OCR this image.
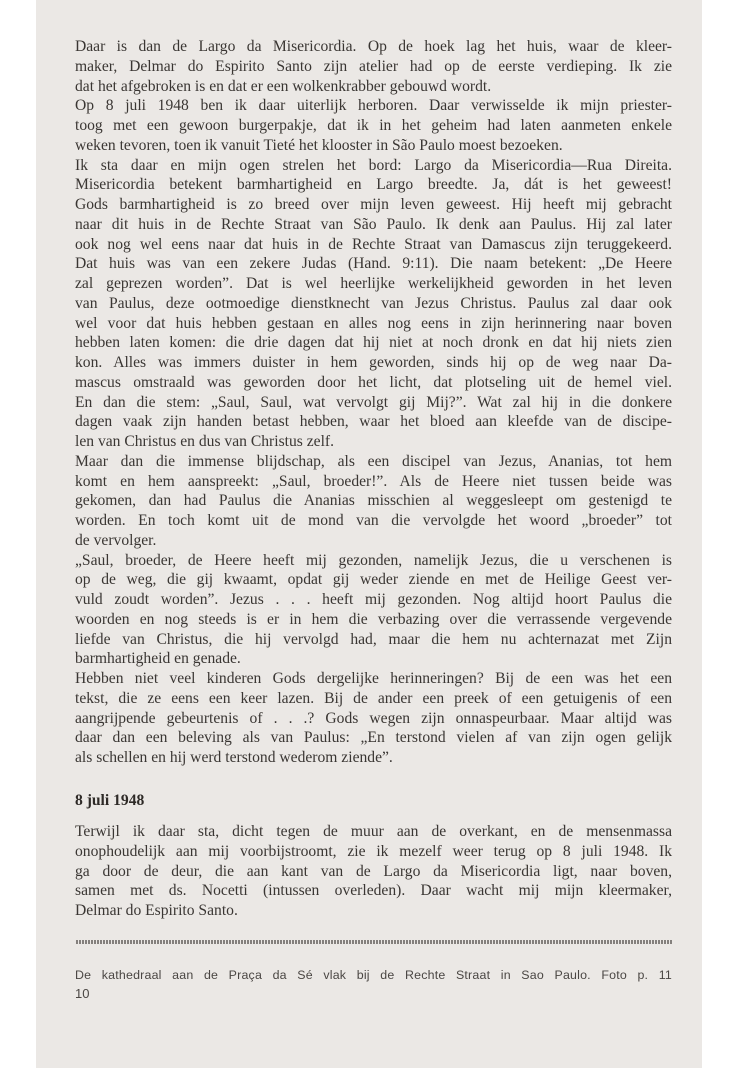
Daar is dan de Largo da Misericordia. Op de hoek lag het huis, waar de kleer-
maker, Delmar do Espirito Santo zijn atelier had op de eerste verdieping. Ik zie
dat het afgebroken is en dat er een wolkenkrabber gebouwd wordt.
Op 8 juli 1948 ben ik daar uiterlijk herboren. Daar verwisselde ik mijn priester-
toog met een gewoon burgerpakje, dat ik in het geheim had laten aanmeten enkele
weken tevoren, toen ik vanuit Tieté het klooster in São Paulo moest bezoeken.
Ik sta daar en mijn ogen strelen het bord: Largo da Misericordia—Rua Direita.
Misericordia betekent barmhartigheid en Largo breedte. Ja, dát is het geweest!
Gods barmhartigheid is zo breed over mijn leven geweest. Hij heeft mij gebracht
naar dit huis in de Rechte Straat van São Paulo. Ik denk aan Paulus. Hij zal later
ook nog wel eens naar dat huis in de Rechte Straat van Damascus zijn teruggekeerd.
Dat huis was van een zekere Judas (Hand. 9:11). Die naam betekent: „De Heere
zal geprezen worden”. Dat is wel heerlijke werkelijkheid geworden in het leven
van Paulus, deze ootmoedige dienstknecht van Jezus Christus. Paulus zal daar ook
wel voor dat huis hebben gestaan en alles nog eens in zijn herinnering naar boven
hebben laten komen: die drie dagen dat hij niet at noch dronk en dat hij niets zien
kon. Alles was immers duister in hem geworden, sinds hij op de weg naar Da-
mascus omstraald was geworden door het licht, dat plotseling uit de hemel viel.
En dan die stem: „Saul, Saul, wat vervolgt gij Mij?”. Wat zal hij in die donkere
dagen vaak zijn handen betast hebben, waar het bloed aan kleefde van de discipe-
len van Christus en dus van Christus zelf.
Maar dan die immense blijdschap, als een discipel van Jezus, Ananias, tot hem
komt en hem aanspreekt: „Saul, broeder!”. Als de Heere niet tussen beide was
gekomen, dan had Paulus die Ananias misschien al weggesleept om gestenigd te
worden. En toch komt uit de mond van die vervolgde het woord „broeder” tot
de vervolger.
„Saul, broeder, de Heere heeft mij gezonden, namelijk Jezus, die u verschenen is
op de weg, die gij kwaamt, opdat gij weder ziende en met de Heilige Geest ver-
vuld zoudt worden”. Jezus . . . heeft mij gezonden. Nog altijd hoort Paulus die
woorden en nog steeds is er in hem die verbazing over die verrassende vergevende
liefde van Christus, die hij vervolgd had, maar die hem nu achternazat met Zijn
barmhartigheid en genade.
Hebben niet veel kinderen Gods dergelijke herinneringen? Bij de een was het een
tekst, die ze eens een keer lazen. Bij de ander een preek of een getuigenis of een
aangrijpende gebeurtenis of . . .? Gods wegen zijn onnaspeurbaar. Maar altijd was
daar dan een beleving als van Paulus: „En terstond vielen af van zijn ogen gelijk
als schellen en hij werd terstond wederom ziende”.
8 juli 1948
Terwijl ik daar sta, dicht tegen de muur aan de overkant, en de mensenmassa
onophoudelijk aan mij voorbijstroomt, zie ik mezelf weer terug op 8 juli 1948. Ik
ga door de deur, die aan kant van de Largo da Misericordia ligt, naar boven,
samen met ds. Nocetti (intussen overleden). Daar wacht mij mijn kleermaker,
Delmar do Espirito Santo.
De kathedraal aan de Praça da Sé vlak bij de Rechte Straat in Sao Paulo. Foto p. 11
10
